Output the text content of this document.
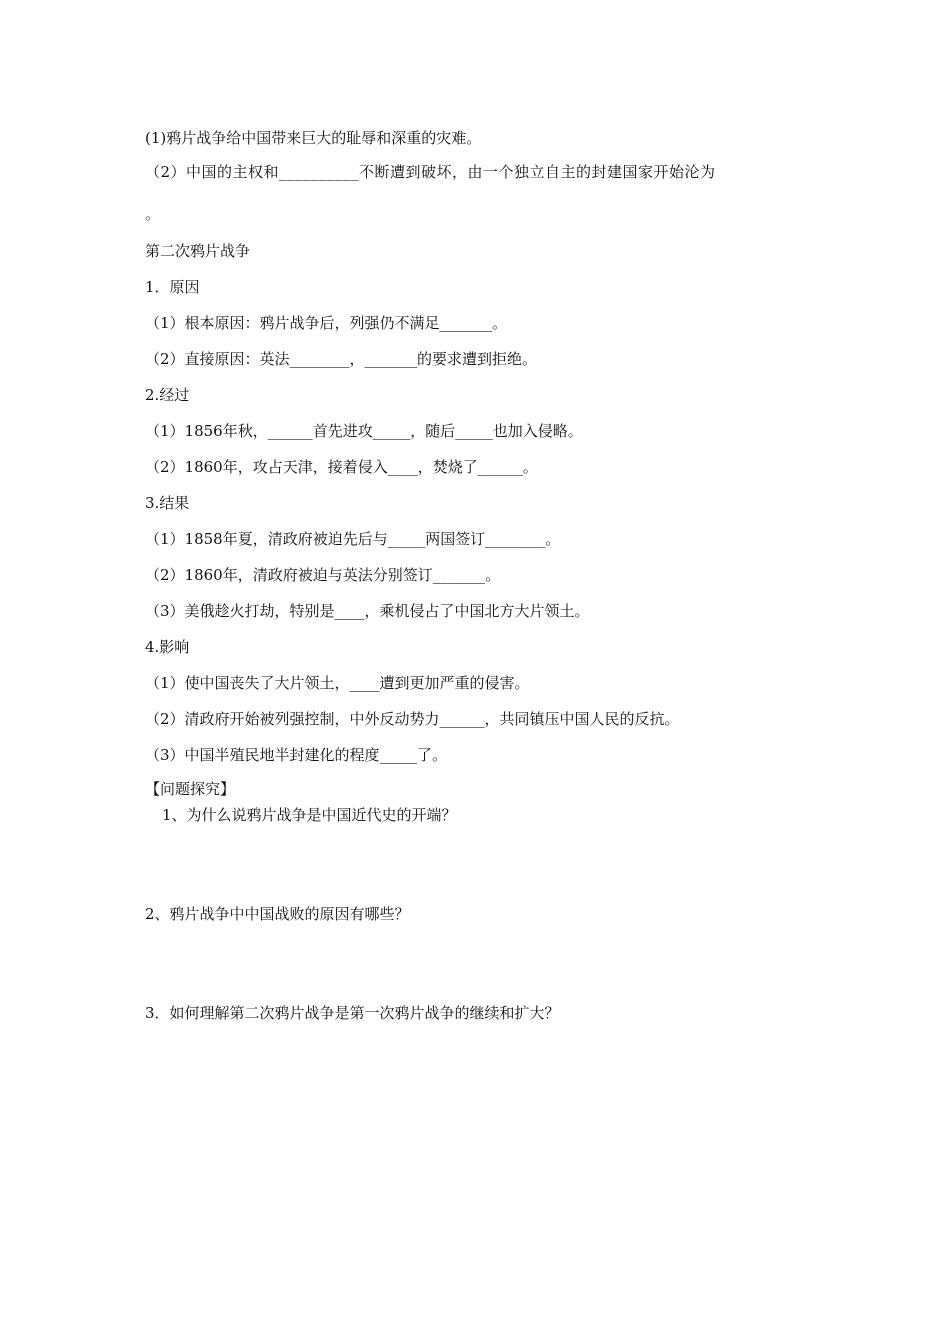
(1)鸦片战争给中国带来巨大的耻辱和深重的灾难。
（2）中国的主权和__________不断遭到破坏，由一个独立自主的封建国家开始沦为
。
第二次鸦片战争
1．原因
（1）根本原因：鸦片战争后，列强仍不满足_______。
（2）直接原因：英法________，_______的要求遭到拒绝。
2.经过
（1）1856年秋，______首先进攻_____，随后_____也加入侵略。
（2）1860年，攻占天津，接着侵入____，焚烧了______。
3.结果
（1）1858年夏，清政府被迫先后与_____两国签订________。
（2）1860年，清政府被迫与英法分别签订_______。
（3）美俄趁火打劫，特别是____，乘机侵占了中国北方大片领土。
4.影响
（1）使中国丧失了大片领土，____遭到更加严重的侵害。
（2）清政府开始被列强控制，中外反动势力______，共同镇压中国人民的反抗。
（3）中国半殖民地半封建化的程度_____了。
【问题探究】
1、为什么说鸦片战争是中国近代史的开端？
2、鸦片战争中中国战败的原因有哪些？
3．如何理解第二次鸦片战争是第一次鸦片战争的继续和扩大？
